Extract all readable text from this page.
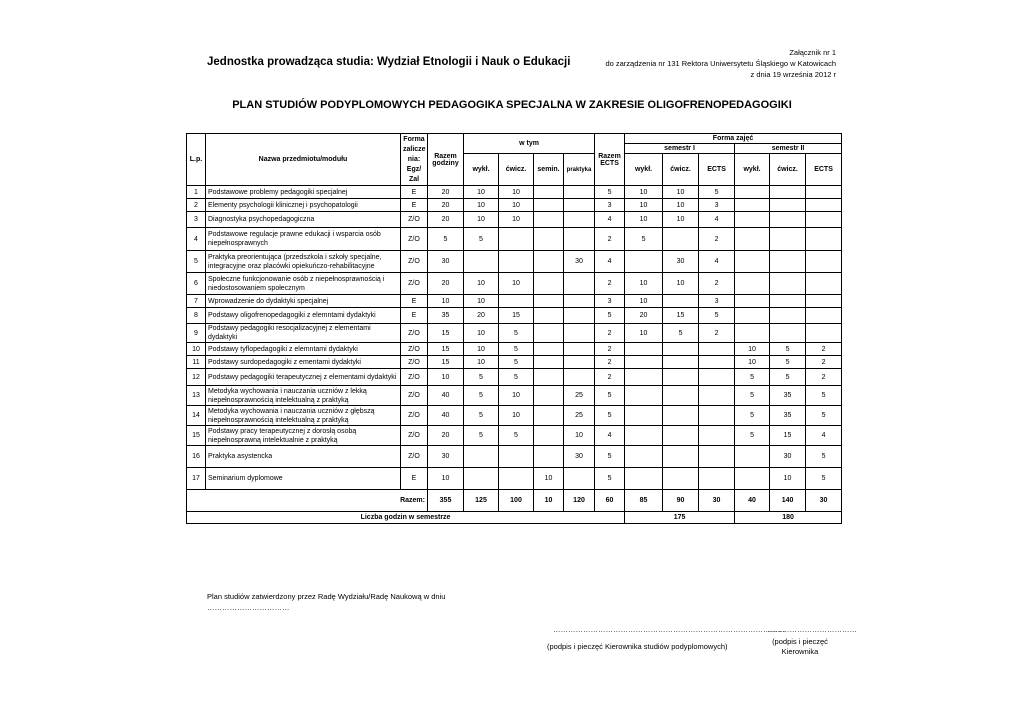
Jednostka prowadząca studia: Wydział Etnologii i Nauk o Edukacji
Załącznik nr 1
do zarządzenia nr 131 Rektora Uniwersytetu Śląskiego w Katowicach
z dnia 19 września 2012 r
PLAN STUDIÓW PODYPLOMOWYCH PEDAGOGIKA SPECJALNA W ZAKRESIE OLIGOFRENOPEDAGOGIKI
L.p.	Nazwa przedmiotu/modułu	Forma zalicze nia: Egz/ Zal	Razem godziny	w tym				Razem ECTS	Forma zajęć					
									semestr I			semestr II		
				wykł.	ćwicz.	semin.	praktyka		wykł.	ćwicz.	ECTS	wykł.	ćwicz.	ECTS
1	Podstawowe problemy pedagogiki specjalnej	E	20	10	10			5	10	10	5			
2	Elementy psychologii klinicznej i psychopatologii	E	20	10	10			3	10	10	3			
3	Diagnostyka psychopedagogiczna	Z/O	20	10	10			4	10	10	4			
4	Podstawowe regulacje prawne edukacji i wsparcia osób niepełnosprawnych	Z/O	5	5				2	5		2			
5	Praktyka preorientująca (przedszkola i szkoły specjalne, integracyjne oraz placówki opiekuńczo-rehabilitacyjne	Z/O	30				30	4		30	4			
6	Społeczne funkcjonowanie osób z niepełnosprawnością i niedostosowaniem społecznym	Z/O	20	10	10			2	10	10	2			
7	Wprowadzenie do dydaktyki specjalnej	E	10	10				3	10		3			
8	Podstawy oligofrenopedagogiki z elemntami dydaktyki	E	35	20	15			5	20	15	5			
9	Podstawy pedagogiki resocjalizacyjnej z elementami dydaktyki	Z/O	15	10	5			2	10	5	2			
10	Podstawy tyflopedagogiki z elemntami dydaktyki	Z/O	15	10	5			2				10	5	2
11	Podstawy surdopedagogiki z ementami dydaktyki	Z/O	15	10	5			2				10	5	2
12	Podstawy pedagogiki terapeutycznej z elementami dydaktyki	Z/O	10	5	5			2				5	5	2
13	Metodyka wychowania i nauczania uczniów z lekką niepełnosprawnością intelektualną z praktyką	Z/O	40	5	10		25	5				5	35	5
14	Metodyka wychowania i nauczania uczniów z głębszą niepełnosprawnością intelektualną z praktyką	Z/O	40	5	10		25	5				5	35	5
15	Podstawy pracy terapeutycznej z dorosłą osobą niepełnosprawną intelektualnie z praktyką	Z/O	20	5	5		10	4				5	15	4
16	Praktyka asystencka	Z/O	30				30	5					30	5
17	Seminarium dyplomowe	E	10			10		5					10	5
Razem:			355	125	100	10	120	60	85	90	30	40	140	30
Liczba godzin w semestrze									175			180		
Plan studiów zatwierdzony przez Radę Wydziału/Radę Naukową w dniu
……………………………
…………………………………………………………………………………
(podpis i pieczęć Kierownika studiów podyplomowych)
………………………………
(podpis i pieczęć Kierownika
